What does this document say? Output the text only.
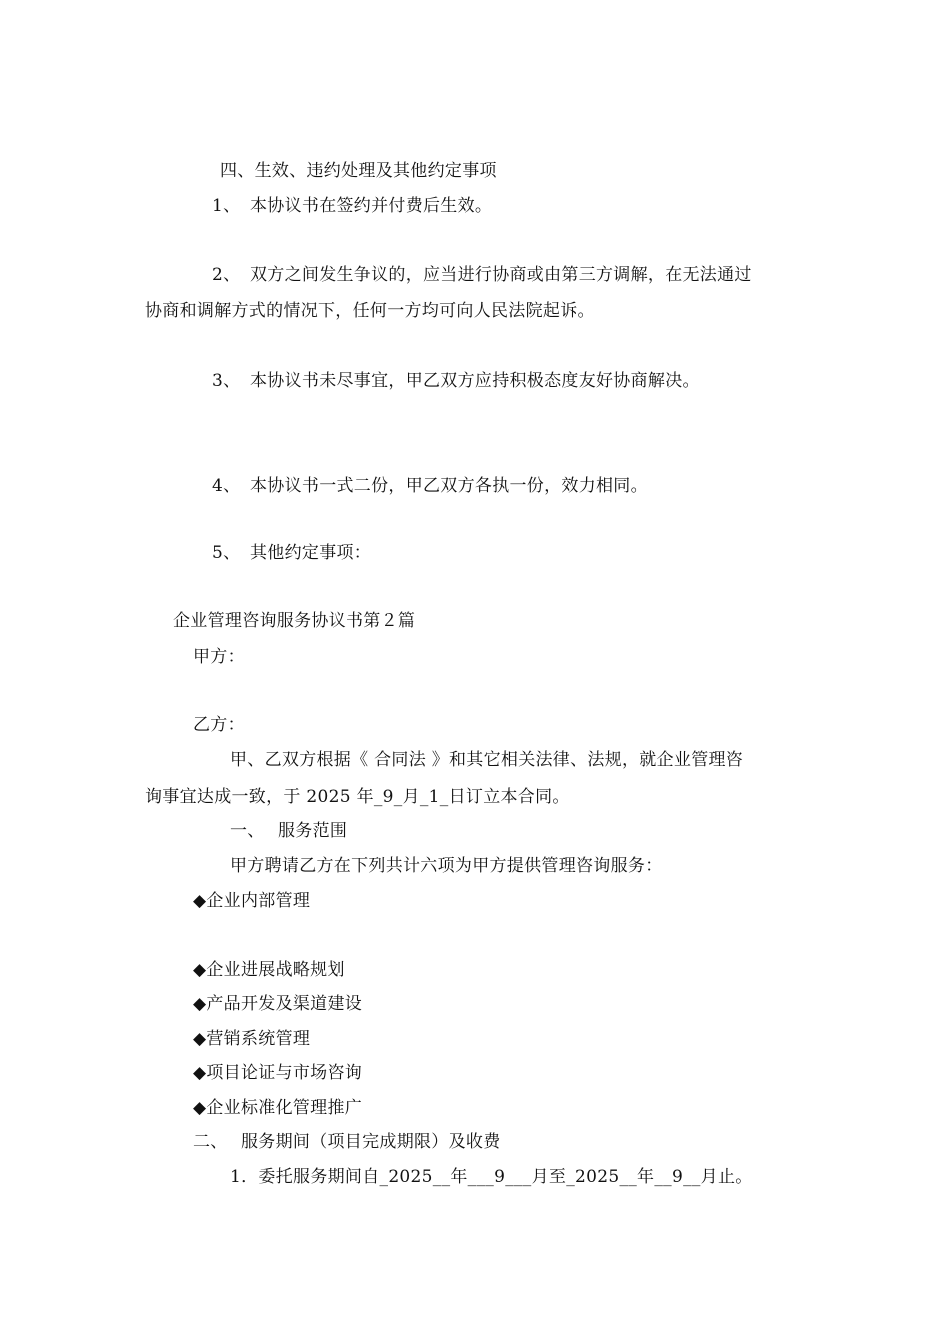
四、生效、违约处理及其他约定事项
1、 本协议书在签约并付费后生效。
2、 双方之间发生争议的，应当进行协商或由第三方调解，在无法通过
协商和调解方式的情况下，任何一方均可向人民法院起诉。
3、 本协议书未尽事宜，甲乙双方应持积极态度友好协商解决。
4、 本协议书一式二份，甲乙双方各执一份，效力相同。
5、 其他约定事项：
企业管理咨询服务协议书第２篇
甲方：
乙方：
甲、乙双方根据《 合同法 》和其它相关法律、法规，就企业管理咨
询事宜达成一致，于 2025 年_9_月_1_日订立本合同。
一、 服务范围
甲方聘请乙方在下列共计六项为甲方提供管理咨询服务：
◆企业内部管理
◆企业进展战略规划
◆产品开发及渠道建设
◆营销系统管理
◆项目论证与市场咨询
◆企业标准化管理推广
二、 服务期间（项目完成期限）及收费
1．委托服务期间自_2025__年___9___月至_2025__年__9__月止。
